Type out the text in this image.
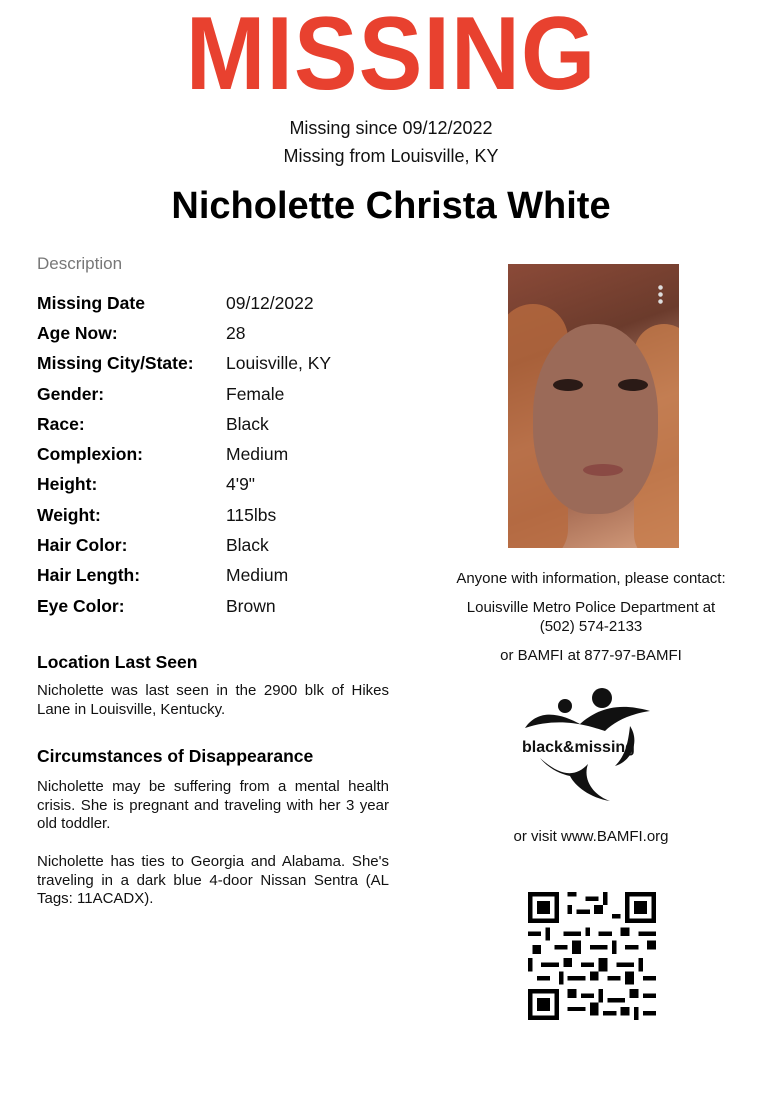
MISSING
Missing since 09/12/2022
Missing from Louisville, KY
Nicholette Christa White
Description
Missing Date	09/12/2022
Age Now:	28
Missing City/State:	Louisville, KY
Gender:	Female
Race:	Black
Complexion:	Medium
Height:	4'9"
Weight:	115lbs
Hair Color:	Black
Hair Length:	Medium
Eye Color:	Brown
Location Last Seen
Nicholette was last seen in the 2900 blk of Hikes Lane in Louisville, Kentucky.
Circumstances of Disappearance
Nicholette may be suffering from a mental health crisis. She is pregnant and traveling with her 3 year old toddler.
Nicholette has ties to Georgia and Alabama. She's traveling in a dark blue 4-door Nissan Sentra (AL Tags: 11ACADX).
Anyone with information, please contact:
Louisville Metro Police Department at
(502) 574-2133
or BAMFI at 877-97-BAMFI
black&missing
or visit www.BAMFI.org
